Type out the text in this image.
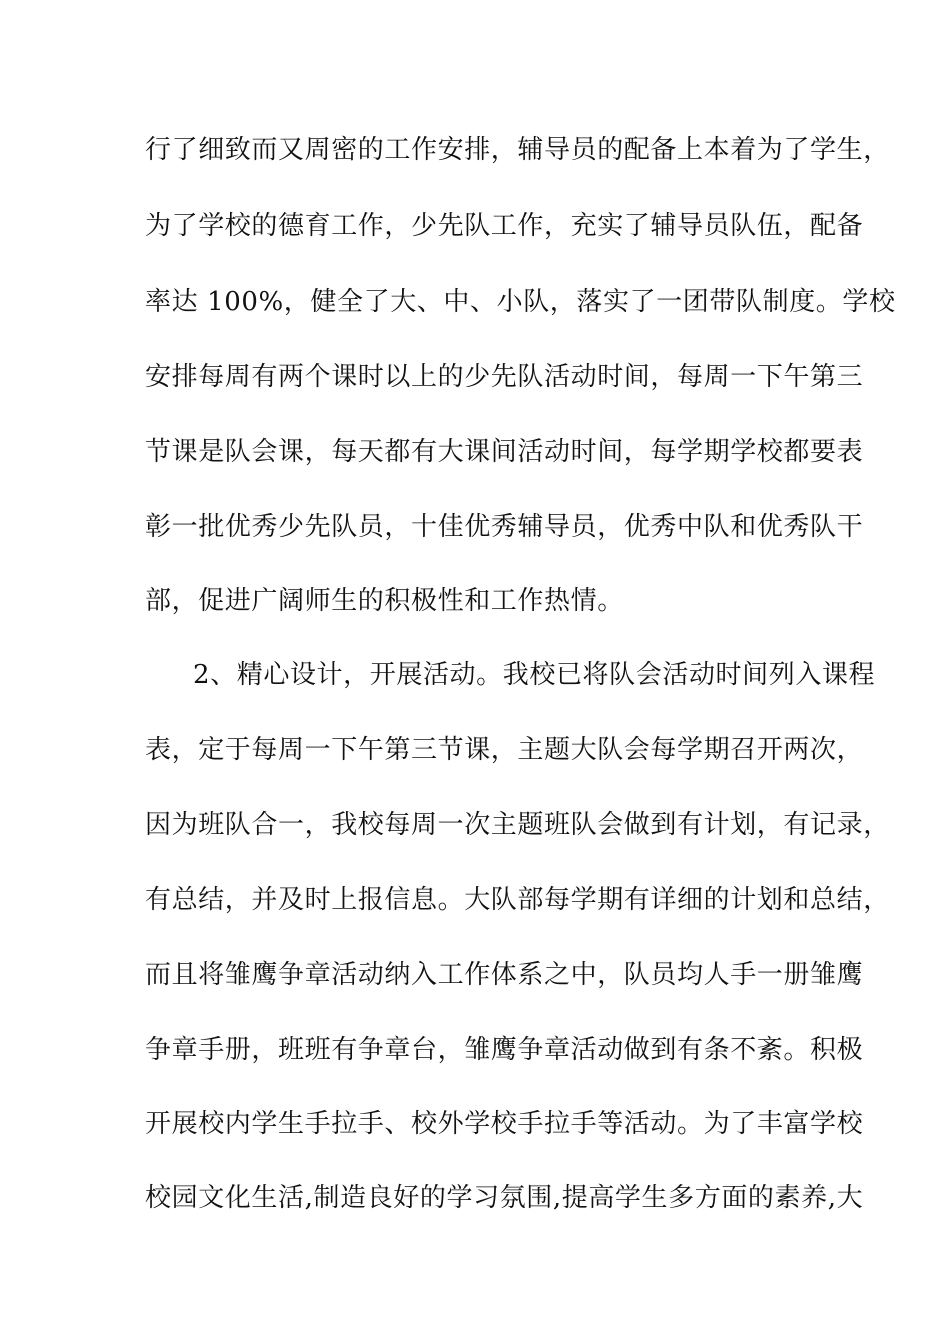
行了细致而又周密的工作安排，辅导员的配备上本着为了学生，

为了学校的德育工作，少先队工作，充实了辅导员队伍，配备

率达 100%，健全了大、中、小队，落实了一团带队制度。学校

安排每周有两个课时以上的少先队活动时间，每周一下午第三

节课是队会课，每天都有大课间活动时间，每学期学校都要表

彰一批优秀少先队员，十佳优秀辅导员，优秀中队和优秀队干

部，促进广阔师生的积极性和工作热情。

2、精心设计，开展活动。我校已将队会活动时间列入课程

表，定于每周一下午第三节课，主题大队会每学期召开两次，

因为班队合一，我校每周一次主题班队会做到有计划，有记录，

有总结，并及时上报信息。大队部每学期有详细的计划和总结，

而且将雏鹰争章活动纳入工作体系之中，队员均人手一册雏鹰

争章手册，班班有争章台，雏鹰争章活动做到有条不紊。积极

开展校内学生手拉手、校外学校手拉手等活动。为了丰富学校

校园文化生活,制造良好的学习氛围,提高学生多方面的素养,大
